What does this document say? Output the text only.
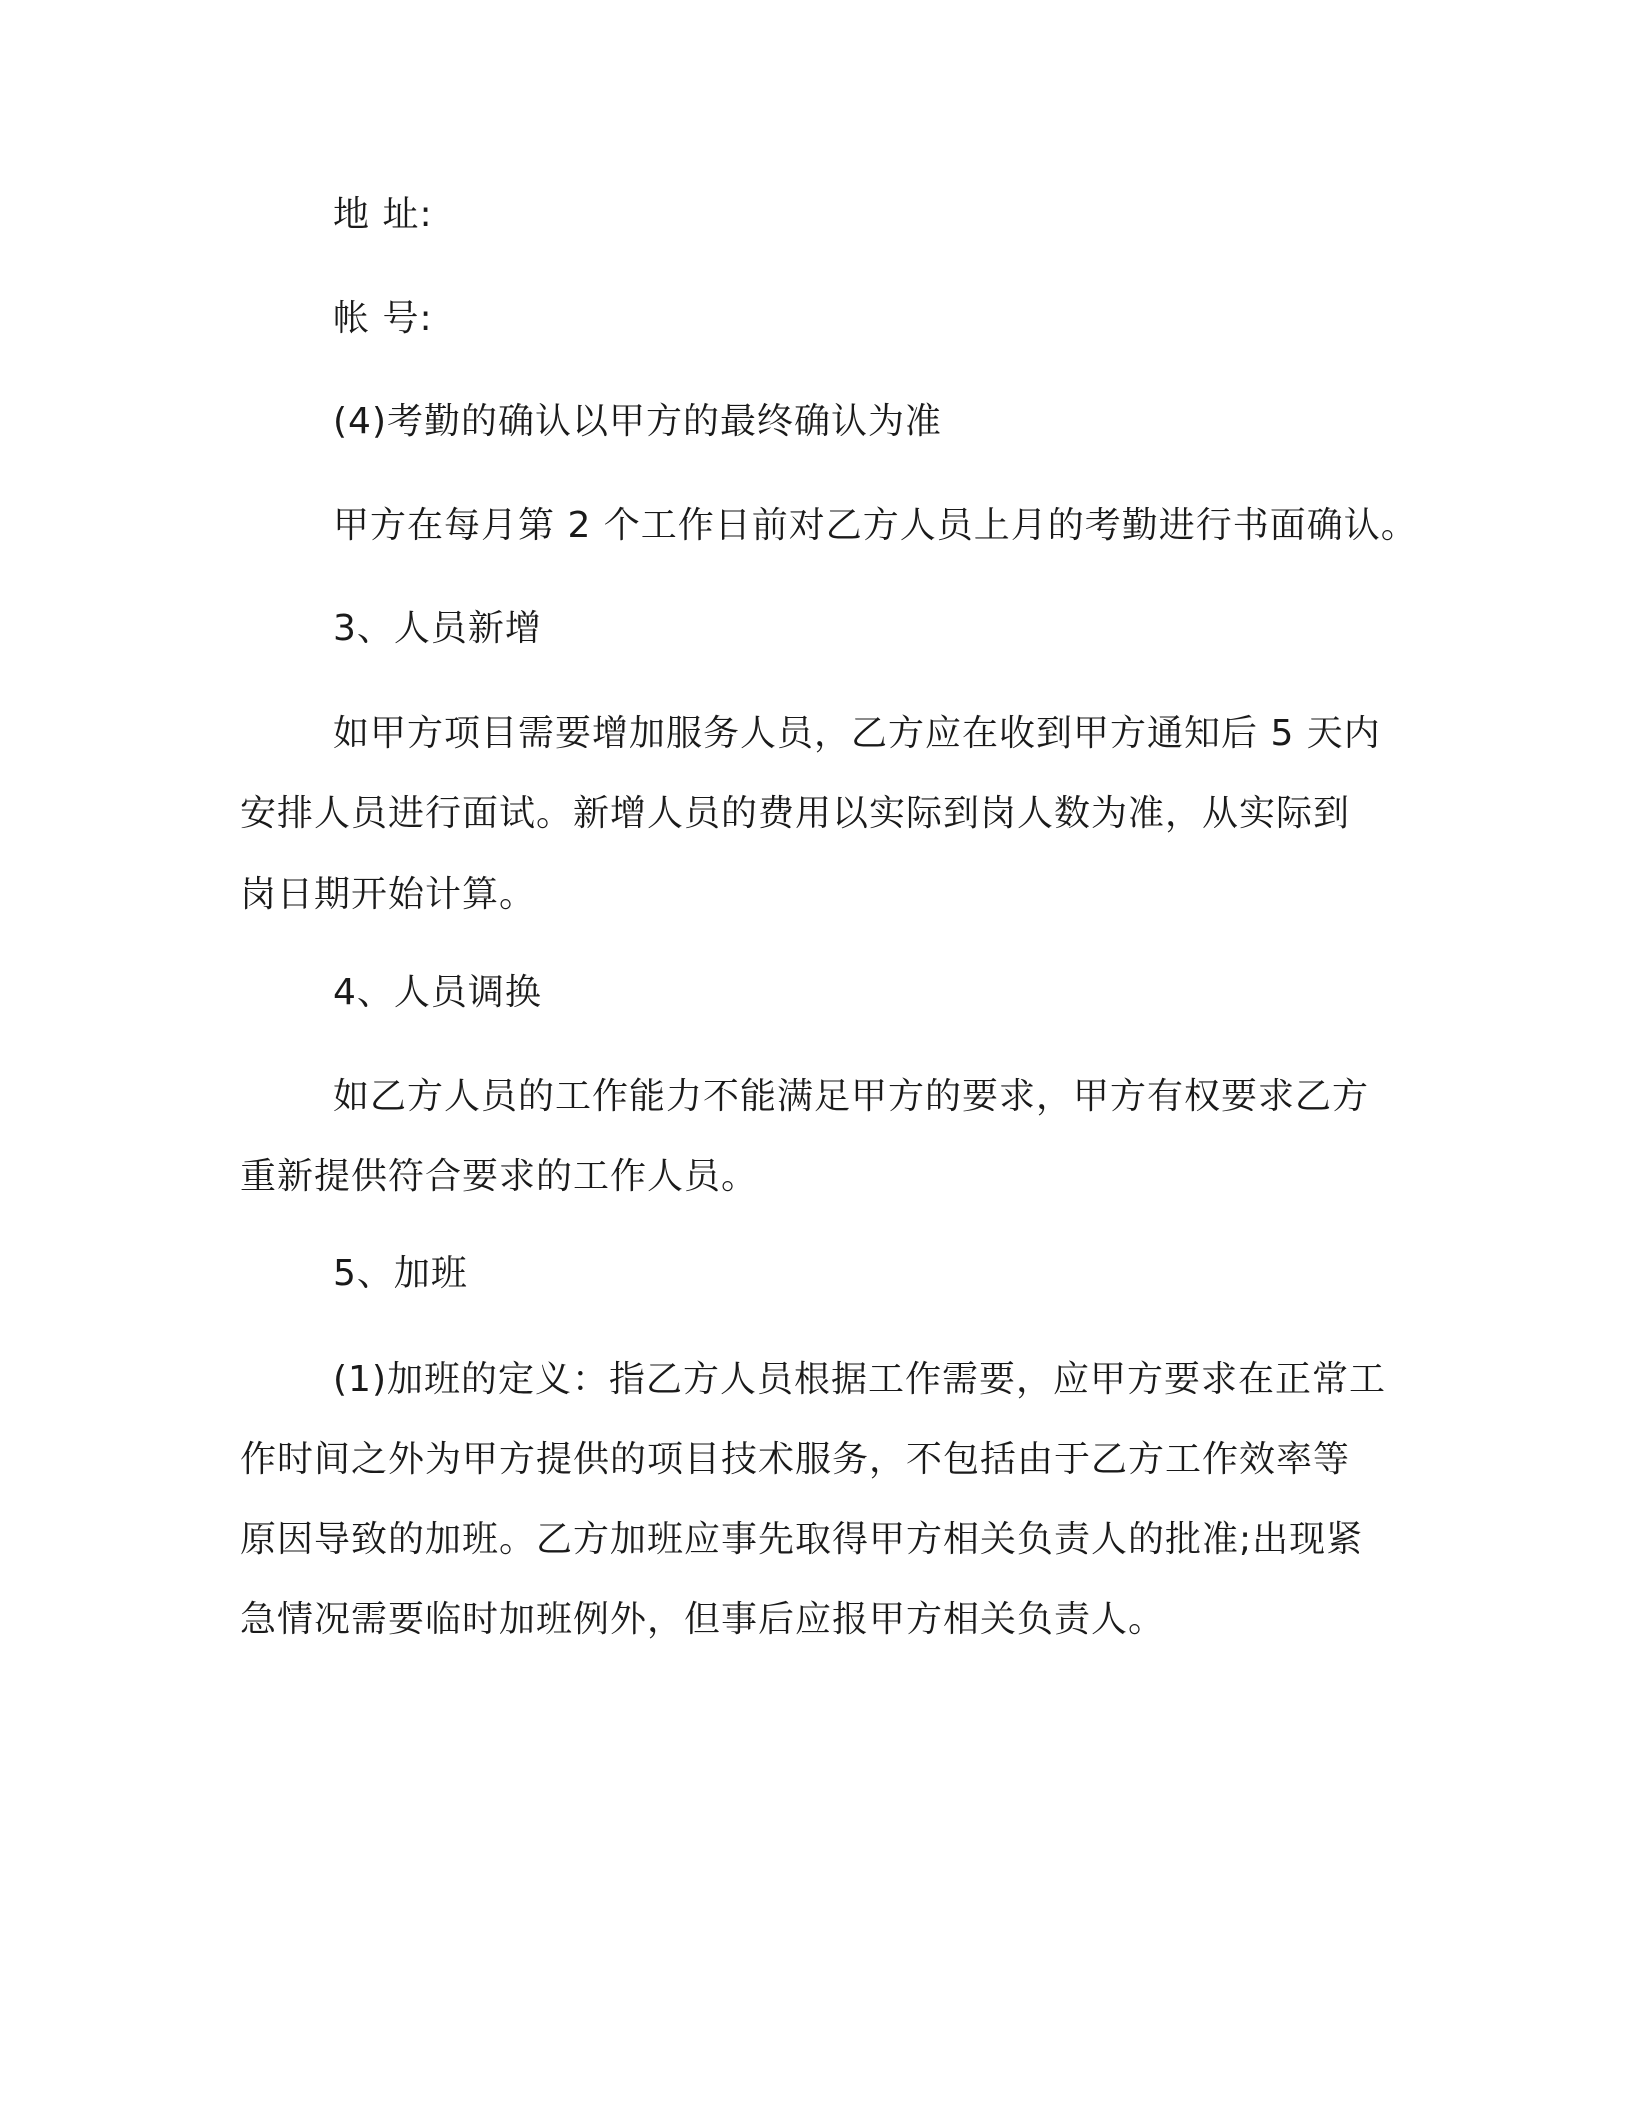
地 址:
帐 号:
(4)考勤的确认以甲方的最终确认为准
甲方在每月第 2 个工作日前对乙方人员上月的考勤进行书面确认。
3、人员新增
如甲方项目需要增加服务人员，乙方应在收到甲方通知后 5 天内
安排人员进行面试。新增人员的费用以实际到岗人数为准，从实际到
岗日期开始计算。
4、人员调换
如乙方人员的工作能力不能满足甲方的要求，甲方有权要求乙方
重新提供符合要求的工作人员。
5、加班
(1)加班的定义：指乙方人员根据工作需要，应甲方要求在正常工
作时间之外为甲方提供的项目技术服务，不包括由于乙方工作效率等
原因导致的加班。乙方加班应事先取得甲方相关负责人的批准;出现紧
急情况需要临时加班例外，但事后应报甲方相关负责人。
